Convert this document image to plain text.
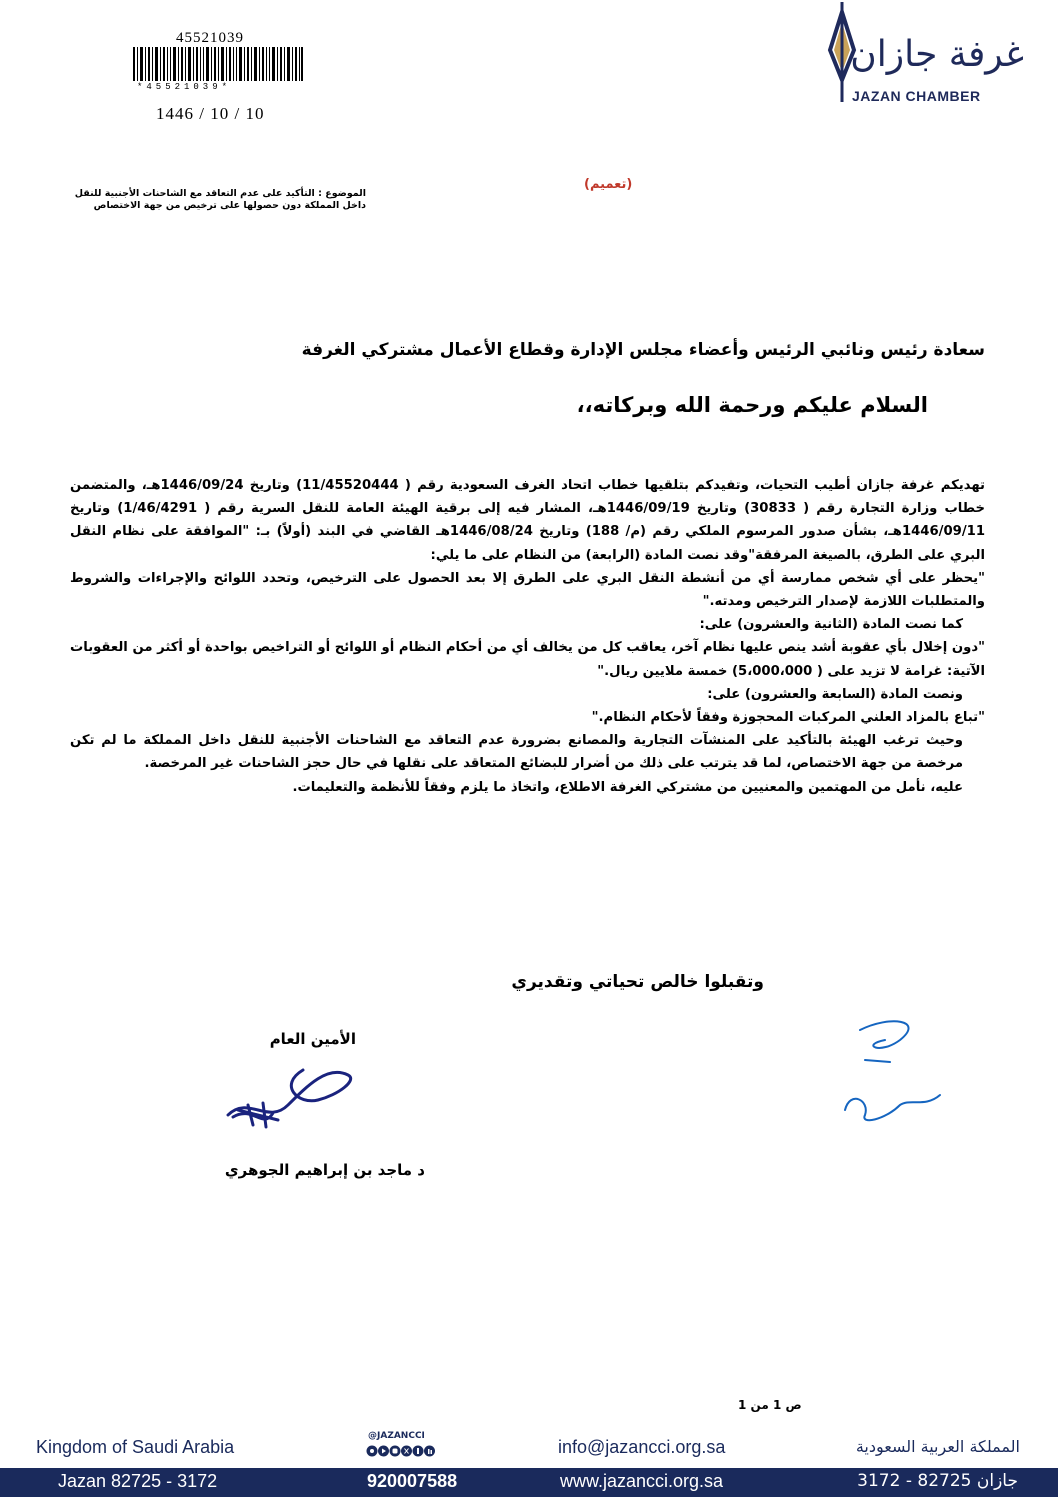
45521039
*45521039*
1446 / 10 / 10
غرفة جازان
JAZAN CHAMBER
(تعميم)
الموضوع : التأكيد على عدم التعاقد مع الشاحنات الأجنبية للنقل داخل المملكة دون حصولها على ترخيص من جهة الاختصاص
سعادة رئيس ونائبي الرئيس وأعضاء مجلس الإدارة وقطاع الأعمال مشتركي الغرفة
السلام عليكم ورحمة الله وبركاته،،

تهديكم غرفة جازان أطيب التحيات، وتفيدكم بتلقيها خطاب اتحاد الغرف السعودية رقم ( 11/45520444) وتاريخ 1446/09/24هـ، والمتضمن خطاب وزارة التجارة رقم ( 30833) وتاريخ 1446/09/19هـ، المشار فيه إلى برقية الهيئة العامة للنقل السرية رقم ( 1/46/4291) وتاريخ 1446/09/11هـ، بشأن صدور المرسوم الملكي رقم (م/ 188) وتاريخ 1446/08/24هـ القاضي في البند (أولاً) بـ: "الموافقة على نظام النقل البري على الطرق، بالصيغة المرفقة"وقد نصت المادة (الرابعة) من النظام على ما يلي:

"يحظر على أي شخص ممارسة أي من أنشطة النقل البري على الطرق إلا بعد الحصول على الترخيص، وتحدد اللوائح والإجراءات والشروط والمتطلبات اللازمة لإصدار الترخيص ومدته."

كما نصت المادة (الثانية والعشرون) على:

"دون إخلال بأي عقوبة أشد ينص عليها نظام آخر، يعاقب كل من يخالف أي من أحكام النظام أو اللوائح أو التراخيص بواحدة أو أكثر من العقوبات الآتية: غرامة لا تزيد على ( 5،000،000) خمسة ملايين ريال."

ونصت المادة (السابعة والعشرون) على:

"تباع بالمزاد العلني المركبات المحجوزة وفقاً لأحكام النظام."

وحيث ترغب الهيئة بالتأكيد على المنشآت التجارية والمصانع بضرورة عدم التعاقد مع الشاحنات الأجنبية للنقل داخل المملكة ما لم تكن مرخصة من جهة الاختصاص، لما قد يترتب على ذلك من أضرار للبضائع المتعاقد على نقلها في حال حجز الشاحنات غير المرخصة.

عليه، نأمل من المهتمين والمعنيين من مشتركي الغرفة الاطلاع، واتخاذ ما يلزم وفقاً للأنظمة والتعليمات.

وتقبلوا خالص تحياتي وتقديري
الأمين العام
د ماجد بن إبراهيم الجوهري
ص 1 من 1
Kingdom of Saudi Arabia
@JAZANCCI
info@jazancci.org.sa	المملكة العربية السعودية
Jazan 82725 - 3172	920007588	www.jazancci.org.sa	جازان 82725 - 3172
